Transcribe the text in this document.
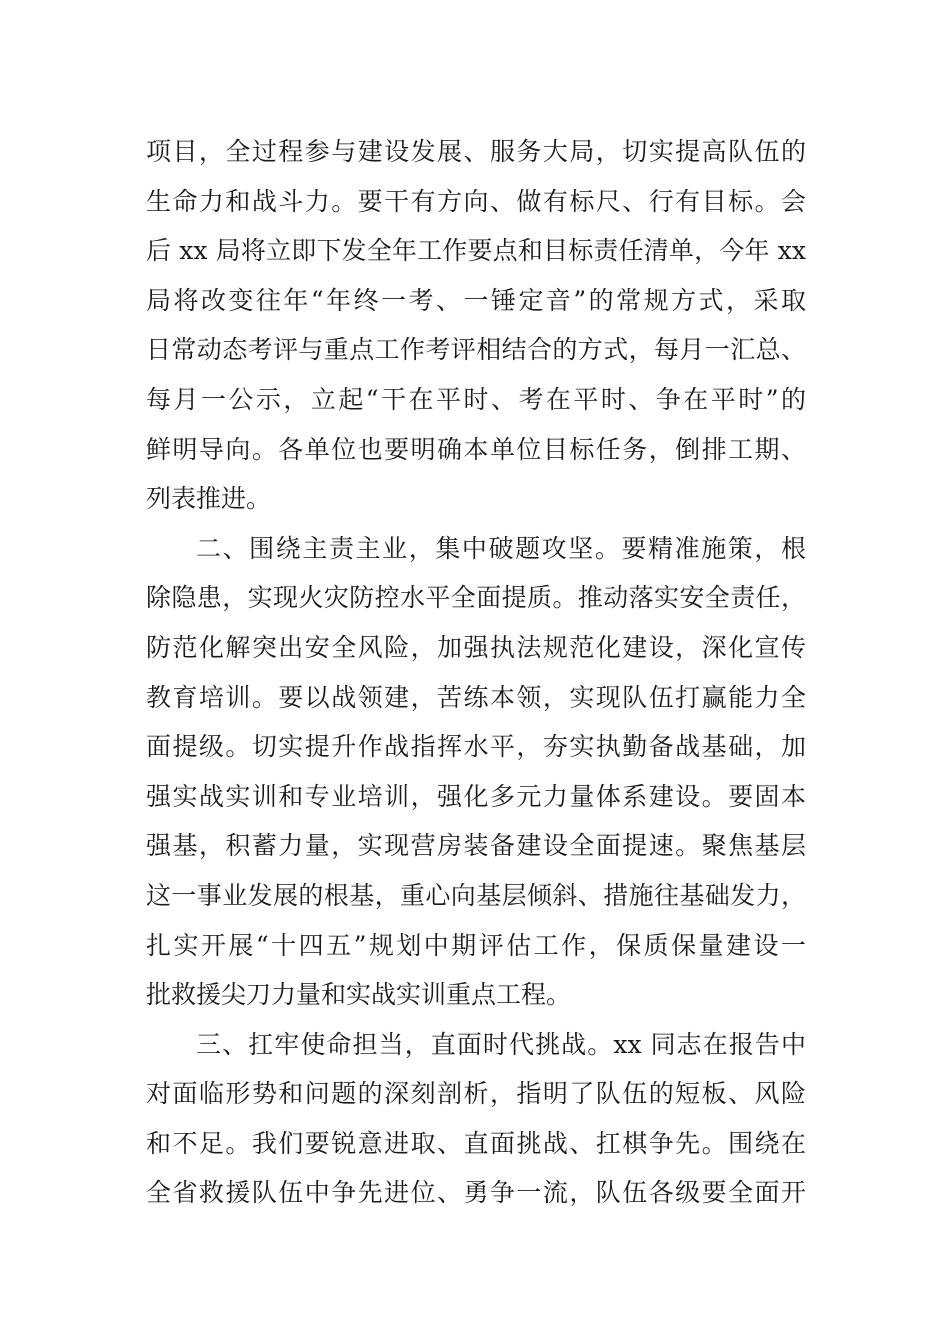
项目，全过程参与建设发展、服务大局，切实提高队伍的
生命力和战斗力。要干有方向、做有标尺、行有目标。会
后 xx 局将立即下发全年工作要点和目标责任清单，今年 xx
局将改变往年“年终一考、一锤定音”的常规方式，采取
日常动态考评与重点工作考评相结合的方式，每月一汇总、
每月一公示，立起“干在平时、考在平时、争在平时”的
鲜明导向。各单位也要明确本单位目标任务，倒排工期、
列表推进。
二、围绕主责主业，集中破题攻坚。要精准施策，根
除隐患，实现火灾防控水平全面提质。推动落实安全责任，
防范化解突出安全风险，加强执法规范化建设，深化宣传
教育培训。要以战领建，苦练本领，实现队伍打赢能力全
面提级。切实提升作战指挥水平，夯实执勤备战基础，加
强实战实训和专业培训，强化多元力量体系建设。要固本
强基，积蓄力量，实现营房装备建设全面提速。聚焦基层
这一事业发展的根基，重心向基层倾斜、措施往基础发力，
扎实开展“十四五”规划中期评估工作，保质保量建设一
批救援尖刀力量和实战实训重点工程。
三、扛牢使命担当，直面时代挑战。xx 同志在报告中
对面临形势和问题的深刻剖析，指明了队伍的短板、风险
和不足。我们要锐意进取、直面挑战、扛棋争先。围绕在
全省救援队伍中争先进位、勇争一流，队伍各级要全面开
